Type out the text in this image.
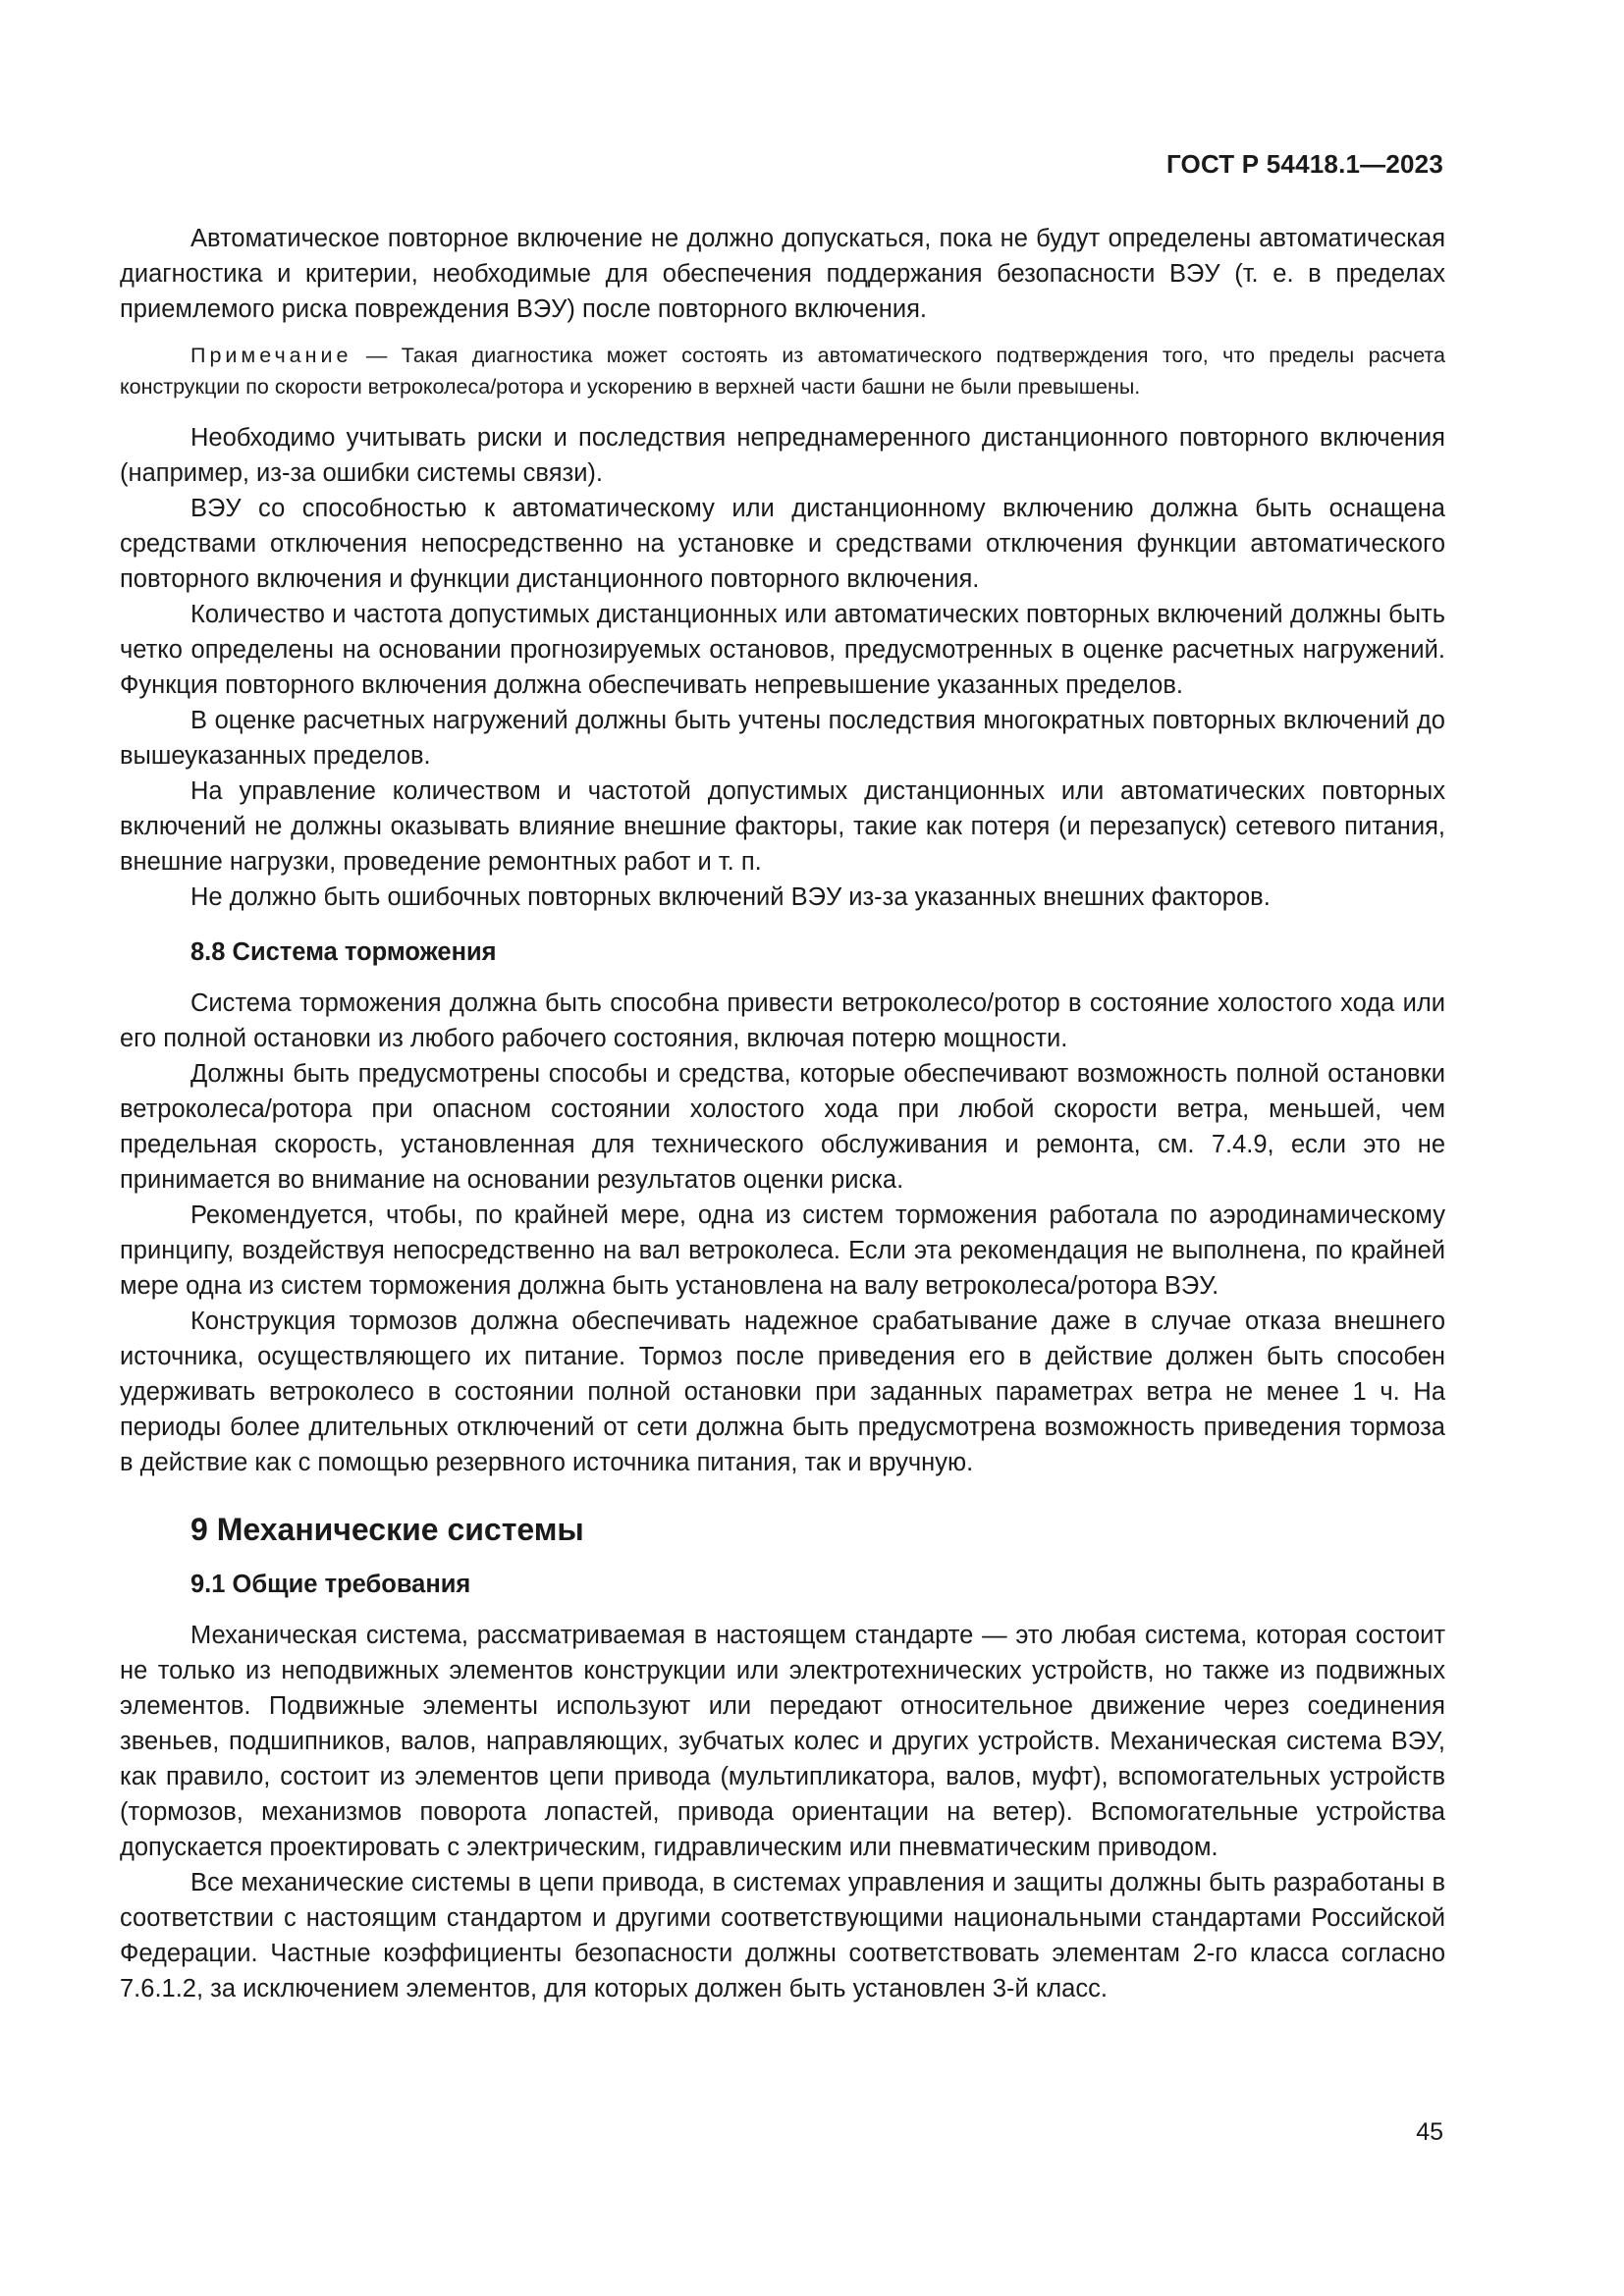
ГОСТ Р 54418.1—2023

Автоматическое повторное включение не должно допускаться, пока не будут определены автоматическая диагностика и критерии, необходимые для обеспечения поддержания безопасности ВЭУ (т. е. в пределах приемлемого риска повреждения ВЭУ) после повторного включения.

Примечание — Такая диагностика может состоять из автоматического подтверждения того, что пределы расчета конструкции по скорости ветроколеса/ротора и ускорению в верхней части башни не были превышены.

Необходимо учитывать риски и последствия непреднамеренного дистанционного повторного включения (например, из-за ошибки системы связи).

ВЭУ со способностью к автоматическому или дистанционному включению должна быть оснащена средствами отключения непосредственно на установке и средствами отключения функции автоматического повторного включения и функции дистанционного повторного включения.

Количество и частота допустимых дистанционных или автоматических повторных включений должны быть четко определены на основании прогнозируемых остановов, предусмотренных в оценке расчетных нагружений. Функция повторного включения должна обеспечивать непревышение указанных пределов.

В оценке расчетных нагружений должны быть учтены последствия многократных повторных включений до вышеуказанных пределов.

На управление количеством и частотой допустимых дистанционных или автоматических повторных включений не должны оказывать влияние внешние факторы, такие как потеря (и перезапуск) сетевого питания, внешние нагрузки, проведение ремонтных работ и т. п.

Не должно быть ошибочных повторных включений ВЭУ из-за указанных внешних факторов.

8.8 Система торможения

Система торможения должна быть способна привести ветроколесо/ротор в состояние холостого хода или его полной остановки из любого рабочего состояния, включая потерю мощности.

Должны быть предусмотрены способы и средства, которые обеспечивают возможность полной остановки ветроколеса/ротора при опасном состоянии холостого хода при любой скорости ветра, меньшей, чем предельная скорость, установленная для технического обслуживания и ремонта, см. 7.4.9, если это не принимается во внимание на основании результатов оценки риска.

Рекомендуется, чтобы, по крайней мере, одна из систем торможения работала по аэродинамическому принципу, воздействуя непосредственно на вал ветроколеса. Если эта рекомендация не выполнена, по крайней мере одна из систем торможения должна быть установлена на валу ветроколеса/ротора ВЭУ.

Конструкция тормозов должна обеспечивать надежное срабатывание даже в случае отказа внешнего источника, осуществляющего их питание. Тормоз после приведения его в действие должен быть способен удерживать ветроколесо в состоянии полной остановки при заданных параметрах ветра не менее 1 ч. На периоды более длительных отключений от сети должна быть предусмотрена возможность приведения тормоза в действие как с помощью резервного источника питания, так и вручную.

9 Механические системы
9.1 Общие требования

Механическая система, рассматриваемая в настоящем стандарте — это любая система, которая состоит не только из неподвижных элементов конструкции или электротехнических устройств, но также из подвижных элементов. Подвижные элементы используют или передают относительное движение через соединения звеньев, подшипников, валов, направляющих, зубчатых колес и других устройств. Механическая система ВЭУ, как правило, состоит из элементов цепи привода (мультипликатора, валов, муфт), вспомогательных устройств (тормозов, механизмов поворота лопастей, привода ориентации на ветер). Вспомогательные устройства допускается проектировать с электрическим, гидравлическим или пневматическим приводом.

Все механические системы в цепи привода, в системах управления и защиты должны быть разработаны в соответствии с настоящим стандартом и другими соответствующими национальными стандартами Российской Федерации. Частные коэффициенты безопасности должны соответствовать элементам 2-го класса согласно 7.6.1.2, за исключением элементов, для которых должен быть установлен 3-й класс.

45
